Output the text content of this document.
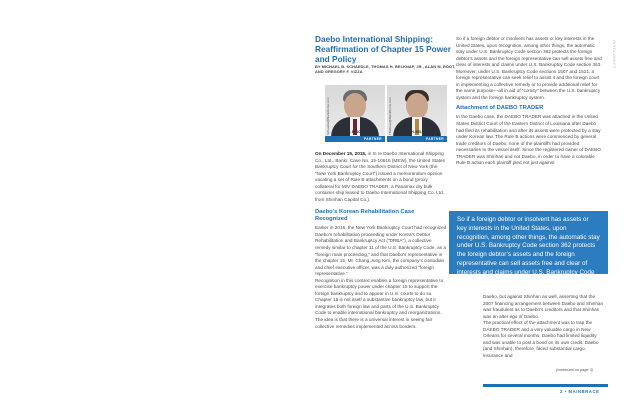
INSOLVENCY
Daebo International Shipping: Reaffirmation of Chapter 15 Power and Policy
BY MICHAEL B. SCHAEDLE, THOMAS H. BELKNAP, JR., ALAN M. ROOT, AND GREGORY F. VIZZA
Schaedle@BlankRome.com	TBelknap@BlankRome.com
MICHAEL B. SCHAEDLE	THOMAS H. BELKNAP, JR.
PARTNER	PARTNER

On December 15, 2015, in In re Daebo International Shipping Co., Ltd., Bankr. Case No. 15-10616 (MEW), the United States Bankruptcy Court for the Southern District of New York (the “New York Bankruptcy Court”) issued a memorandum opinion vacating a set of Rule B attachments on a bond (proxy collateral for M/V DAEBO TRADER, a Panamax dry bulk container ship leased to Daebo International Shipping Co. Ltd. from Shinhan Capital Co.).

Daebo’s Korean Rehabilitation Case Recognized

Earlier in 2015, the New York Bankruptcy Court had recognized Daebo’s rehabilitation proceeding under Korea’s Debtor Rehabilitation and Bankruptcy Act (“DRBA”), a collective remedy similar to chapter 11 of the U.S. Bankruptcy Code, as a “foreign main proceeding,” and that Daebo’s representative in the chapter 15, Mr. Chang Jung Kim, the company’s custodian and chief executive officer, was a duly authorized “foreign representative.”

Recognition in this context enables a foreign representative to exercise bankruptcy power under chapter 15 to support the foreign bankruptcy and to appear in U.S. courts to do so. Chapter 15 is not itself a substantive bankruptcy law, but it integrates both foreign law and parts of the U.S. Bankruptcy Code to enable international bankruptcy and reorganizations. The idea is that there is a universal interest in seeing fair collective remedies implemented across borders.

So if a foreign debtor or insolvent has assets or key interests in the United States, upon recognition, among other things, the automatic stay under U.S. Bankruptcy Code section 362 protects the foreign debtor’s assets and the foreign representative can sell assets free and clear of interests and claims under U.S. Bankruptcy Code section 363. Moreover, under U.S. Bankruptcy Code sections 1507 and 1521, a foreign representative can seek relief to assist it and the foreign court in implementing a collective remedy or to provide additional relief for the same purpose—all in aid of “comity” between the U.S. bankruptcy system and the foreign bankruptcy system.

Attachment of DAEBO TRADER

In the Daebo case, the DAEBO TRADER was attached in the United States District Court of the Eastern District of Louisiana after Daebo had filed its rehabilitation and after its assets were protected by a stay under Korean law. The Rule B actions were commenced by general trade creditors of Daebo; none of the plaintiffs had provided necessaries to the vessel itself. Since the registered owner of DAEBO TRADER was Shinhan and not Daebo, in order to have a colorable Rule B action each plaintiff pled not just against

So if a foreign debtor or insolvent has assets or key interests in the United States, upon recognition, among other things, the automatic stay under U.S. Bankruptcy Code section 362 protects the foreign debtor’s assets and the foreign representative can sell assets free and clear of interests and claims under U.S. Bankruptcy Code section 363.

Daebo, but against Shinhan as well, asserting that the 2007 financing arrangement between Daebo and Shinhan was fraudulent as to Daebo’s creditors and that Shinhan was an alter ego of Daebo.

The practical effect of the attachment was to trap the DAEBO TRADER and a very valuable cargo in New Orleans for several months. Daebo had limited liquidity and was unable to post a bond on its own credit. Daebo (and Shinhan), therefore, faced substantial cargo, insurance and

(continued on page 3)
2 • MAINBRACE
